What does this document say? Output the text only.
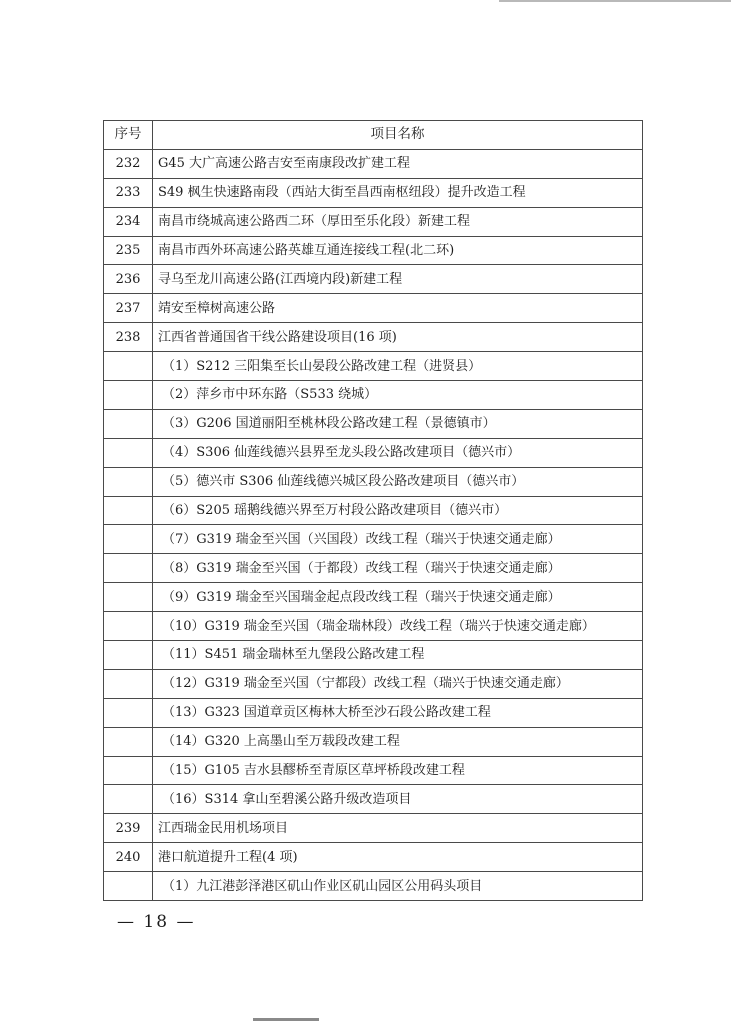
序号	项目名称
232	G45 大广高速公路吉安至南康段改扩建工程
233	S49 枫生快速路南段（西站大街至昌西南枢纽段）提升改造工程
234	南昌市绕城高速公路西二环（厚田至乐化段）新建工程
235	南昌市西外环高速公路英雄互通连接线工程(北二环)
236	寻乌至龙川高速公路(江西境内段)新建工程
237	靖安至樟树高速公路
238	江西省普通国省干线公路建设项目(16 项)
	（1）S212 三阳集至长山晏段公路改建工程（进贤县）
	（2）萍乡市中环东路（S533 绕城）
	（3）G206 国道丽阳至桃林段公路改建工程（景德镇市）
	（4）S306 仙莲线德兴县界至龙头段公路改建项目（德兴市）
	（5）德兴市 S306 仙莲线德兴城区段公路改建项目（德兴市）
	（6）S205 瑶鹅线德兴界至万村段公路改建项目（德兴市）
	（7）G319 瑞金至兴国（兴国段）改线工程（瑞兴于快速交通走廊）
	（8）G319 瑞金至兴国（于都段）改线工程（瑞兴于快速交通走廊）
	（9）G319 瑞金至兴国瑞金起点段改线工程（瑞兴于快速交通走廊）
	（10）G319 瑞金至兴国（瑞金瑞林段）改线工程（瑞兴于快速交通走廊）
	（11）S451 瑞金瑞林至九堡段公路改建工程
	（12）G319 瑞金至兴国（宁都段）改线工程（瑞兴于快速交通走廊）
	（13）G323 国道章贡区梅林大桥至沙石段公路改建工程
	（14）G320 上高墨山至万载段改建工程
	（15）G105 吉水县醪桥至青原区草坪桥段改建工程
	（16）S314 拿山至碧溪公路升级改造项目
239	江西瑞金民用机场项目
240	港口航道提升工程(4 项)
	（1）九江港彭泽港区矶山作业区矶山园区公用码头项目
— 18 —
